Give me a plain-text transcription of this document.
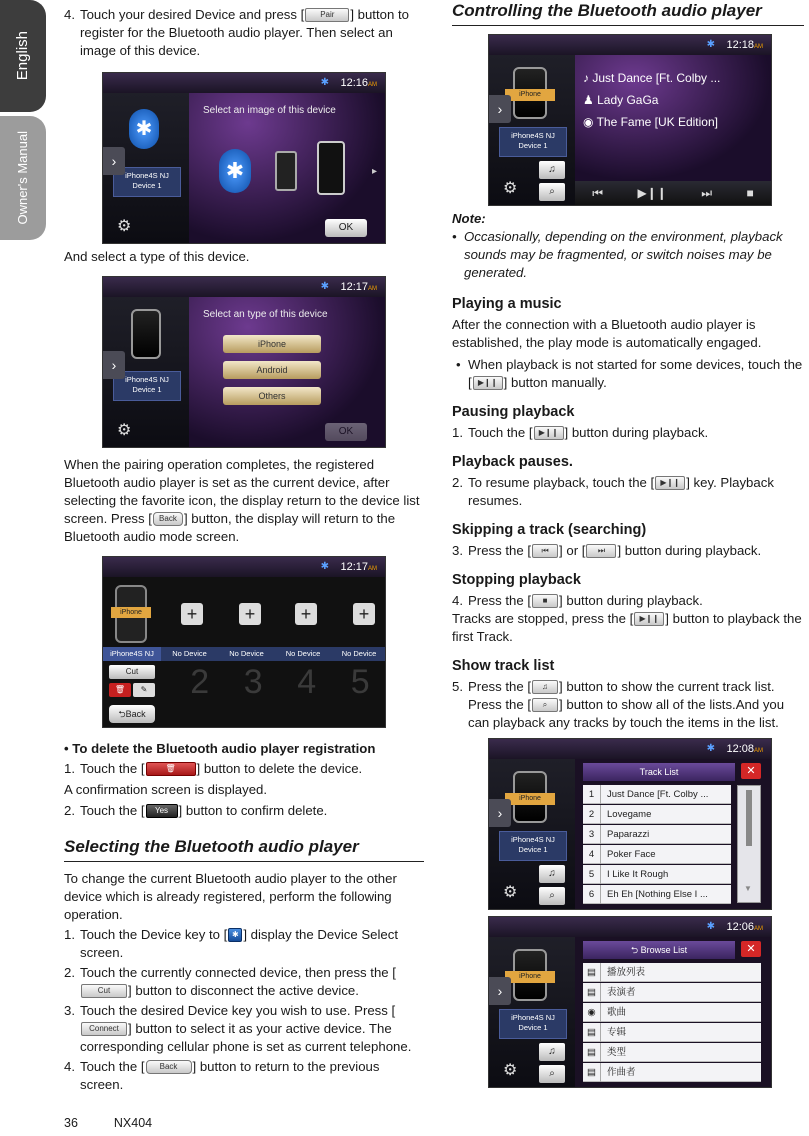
English
Owner's Manual
4. Touch your desired Device and press [ Pair ] button to register for the Bluetooth audio player. Then select an image of this device.
✱ 12:16AM
✱
iPhone4S NJ
Device 1
⚙
›
Select an image of this device
✱	▸
OK

And select a type of this device.

✱ 12:17AM
iPhone4S NJ
Device 1
⚙
›
Select an type of this device
iPhone
Android
Others
OK

When the pairing operation completes, the registered Bluetooth audio player is set as the current device, after selecting the favorite icon, the display return to the device list screen. Press [ Back ] button, the display will return to the Bluetooth audio mode screen.

✱ 12:17AM
iPhone	+	+	+	+
iPhone4S NJ	No Device	No Device	No Device	No Device
Cut
🗑	✎ 2 3 4 5
⮌Back

• To delete the Bluetooth audio player registration

1. Touch the [	🗑 ] button to delete the device.

A confirmation screen is displayed.

2. Touch the [ Yes ] button to confirm delete.
Selecting the Bluetooth audio player

To change the current Bluetooth audio player to the other device which is already registered, perform the following operation.

1. Touch the Device key to [ ✱ ] display the Device Select screen.
2. Touch the currently connected device, then press the [Cut ] button to disconnect the active device.
3. Touch the desired Device key you wish to use. Press [Connect ] button to select it as your active device. The corresponding cellular phone is set as current telephone.
4. Touch the [ Back ] button to return to the previous screen.
Controlling the Bluetooth audio player
✱ 12:18AM
iPhone
iPhone4S NJ
Device 1
♫
⌕
⚙
›
♪ Just Dance [Ft. Colby ...
♟ Lady GaGa
◉ The Fame [UK Edition]
⏮	▶❙❙	⏭	■

Note:

• Occasionally, depending on the environment, playback sounds may be fragmented, or switch noises may be generated.
Playing a music

After the connection with a Bluetooth audio player is established, the play mode is automatically engaged.

• When playback is not started for some devices, touch the [ ▶❙❙ ] button manually.
Pausing playback
1. Touch the [ ▶❙❙ ] button during playback.
Playback pauses.
2. To resume playback, touch the [ ▶❙❙ ] key. Playback resumes.
Skipping a track (searching)
3. Press the [ ⏮ ] or [ ⏭ ] button during playback.
Stopping playback
4. Press the [ ■ ] button during playback.

Tracks are stopped, press the [ ▶❙❙ ] button to playback the first Track.

Show track list
5. Press the [ ♫ ] button to show the current track list. Press the [ ⌕ ] button to show all of the lists.And you can playback any tracks by touch the items in the list.
✱ 12:08AM
iPhone
iPhone4S NJ
Device 1
♫
⌕
⚙
›
Track List	✕
1 Just Dance [Ft. Colby ...
2 Lovegame
3 Paparazzi
4 Poker Face
5 I Like It Rough
6 Eh Eh [Nothing Else I ...
▼
✱ 12:06AM
iPhone
iPhone4S NJ
Device 1
♫
⌕
⚙
›
⮌ Browse List	✕
▤ 播放列表
▤ 表演者
◉ 歌曲
▤ 专辑
▤ 类型
▤ 作曲者
36	NX404
